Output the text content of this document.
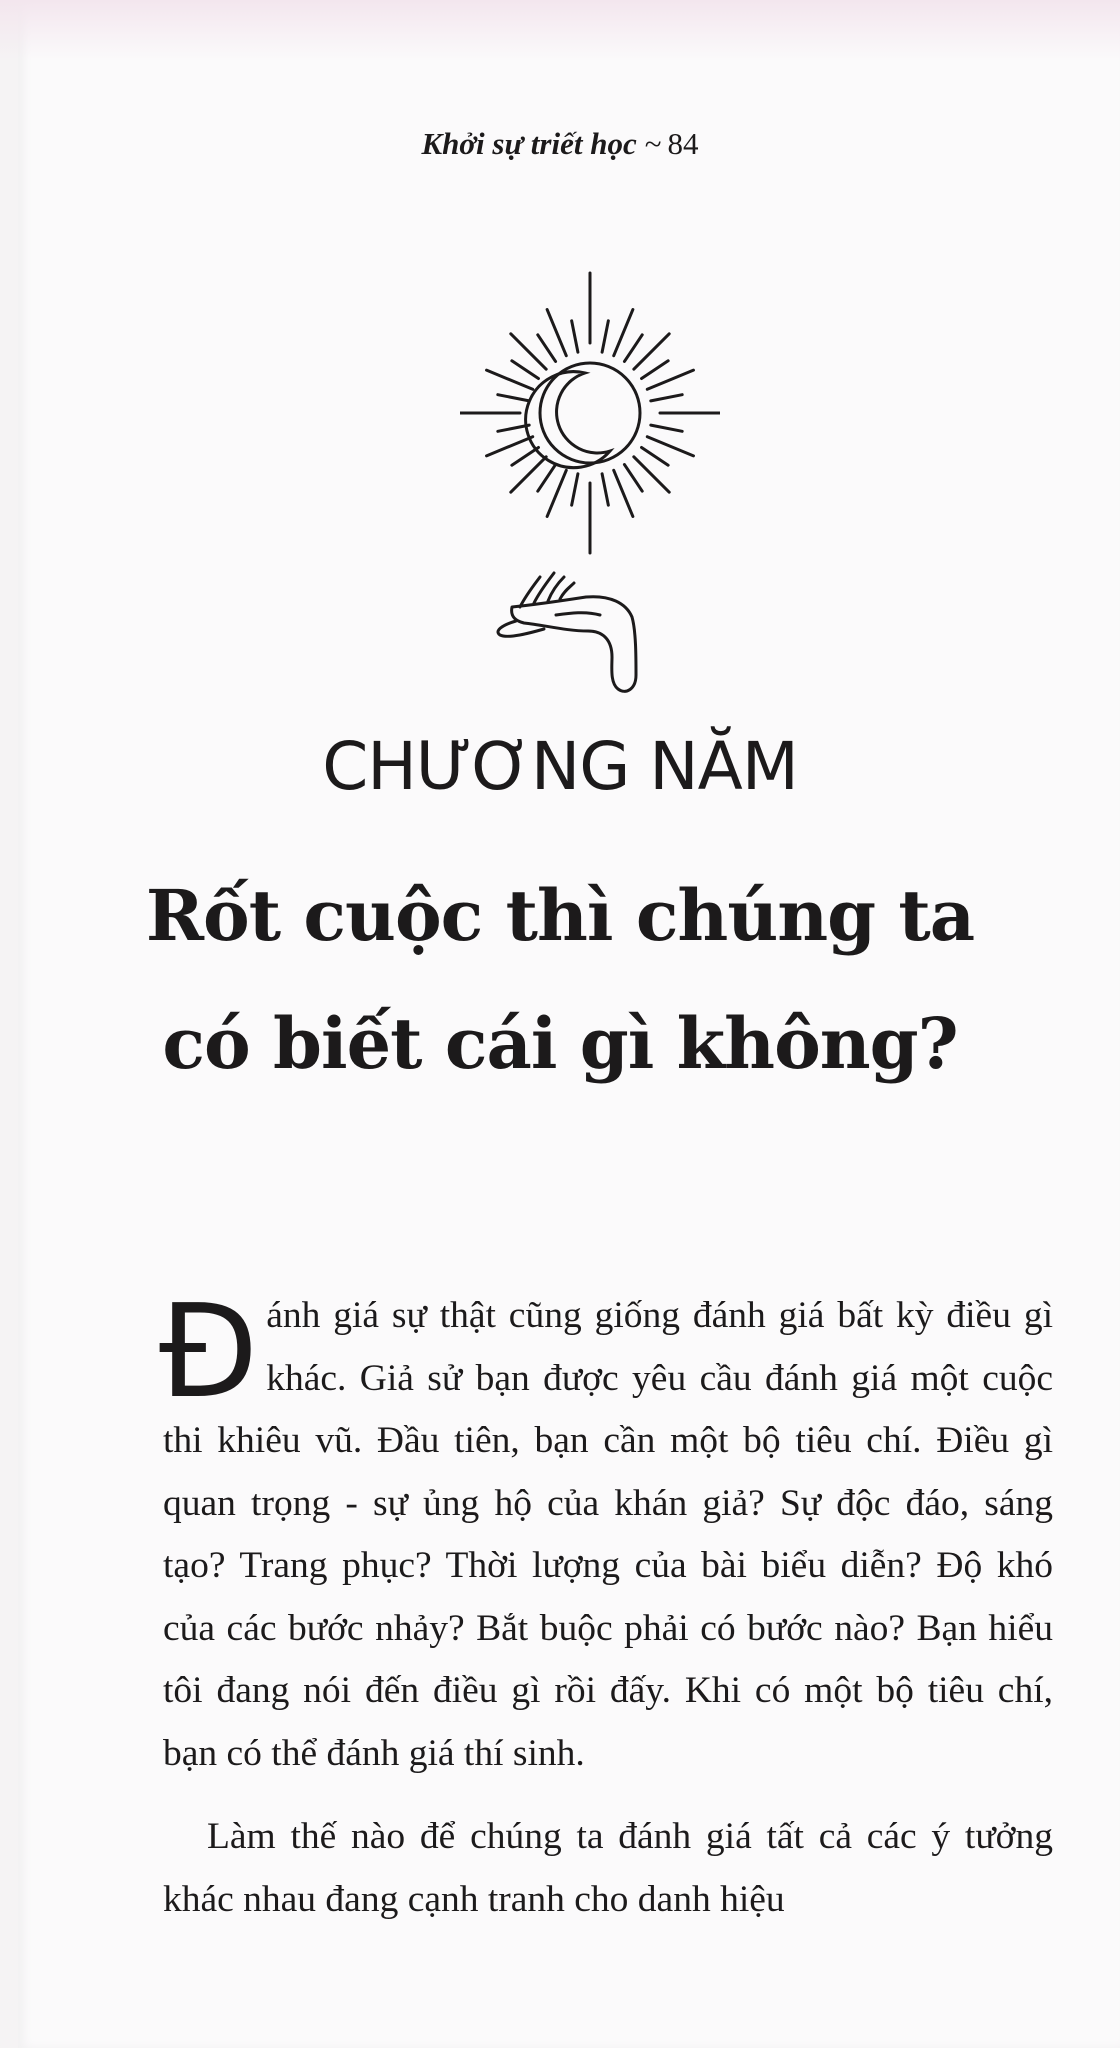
Khởi sự triết học ~ 84
CHƯƠNG NĂM
Rốt cuộc thì chúng ta
có biết cái gì không?

Đánh giá sự thật cũng giống đánh giá bất kỳ điều gì khác. Giả sử bạn được yêu cầu đánh giá một cuộc thi khiêu vũ. Đầu tiên, bạn cần một bộ tiêu chí. Điều gì quan trọng - sự ủng hộ của khán giả? Sự độc đáo, sáng tạo? Trang phục? Thời lượng của bài biểu diễn? Độ khó của các bước nhảy? Bắt buộc phải có bước nào? Bạn hiểu tôi đang nói đến điều gì rồi đấy. Khi có một bộ tiêu chí, bạn có thể đánh giá thí sinh.

Làm thế nào để chúng ta đánh giá tất cả các ý tưởng khác nhau đang cạnh tranh cho danh hiệu
